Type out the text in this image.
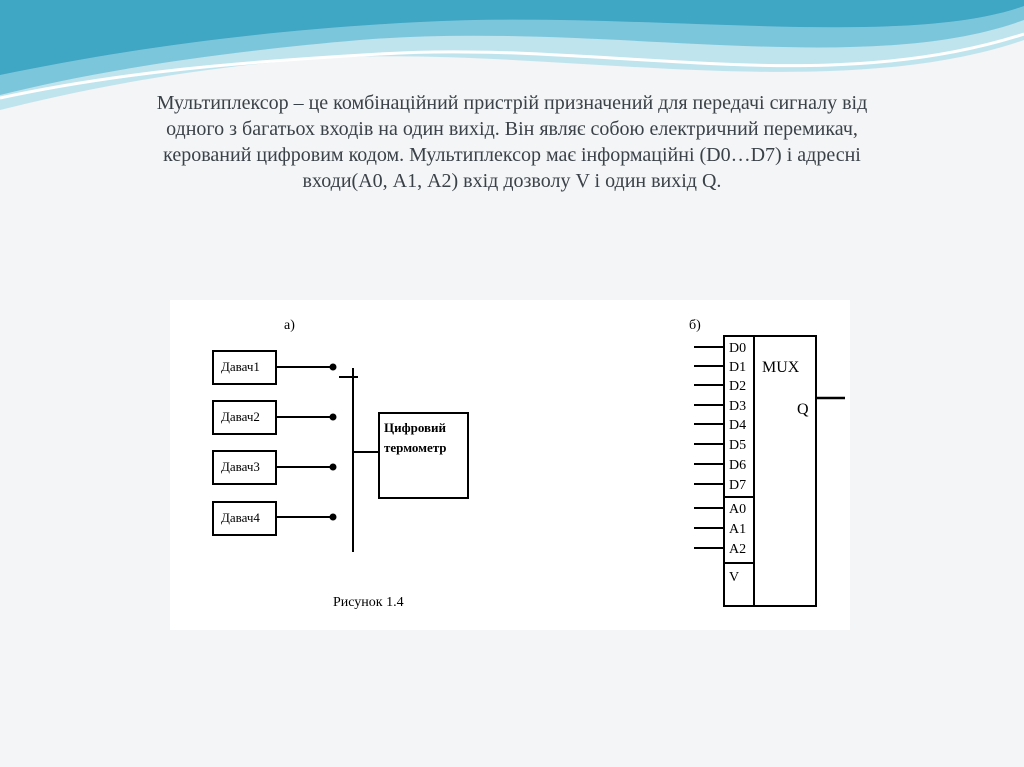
Мультиплексор – це комбінаційний пристрій призначений для передачі сигналу від
одного з багатьох входів на один вихід. Він являє собою електричний перемикач,
керований цифровим кодом. Мультиплексор має інформаційні (D0…D7) і адресні
входи(А0, А1, А2) вхід дозволу V і один вихід Q.
а)
Давач1
Давач2
Давач3
Давач4
Цифровий
термометр
Рисунок 1.4
б)
MUX
Q
D0
D1
D2
D3
D4
D5
D6
D7
A0
A1
A2
V
